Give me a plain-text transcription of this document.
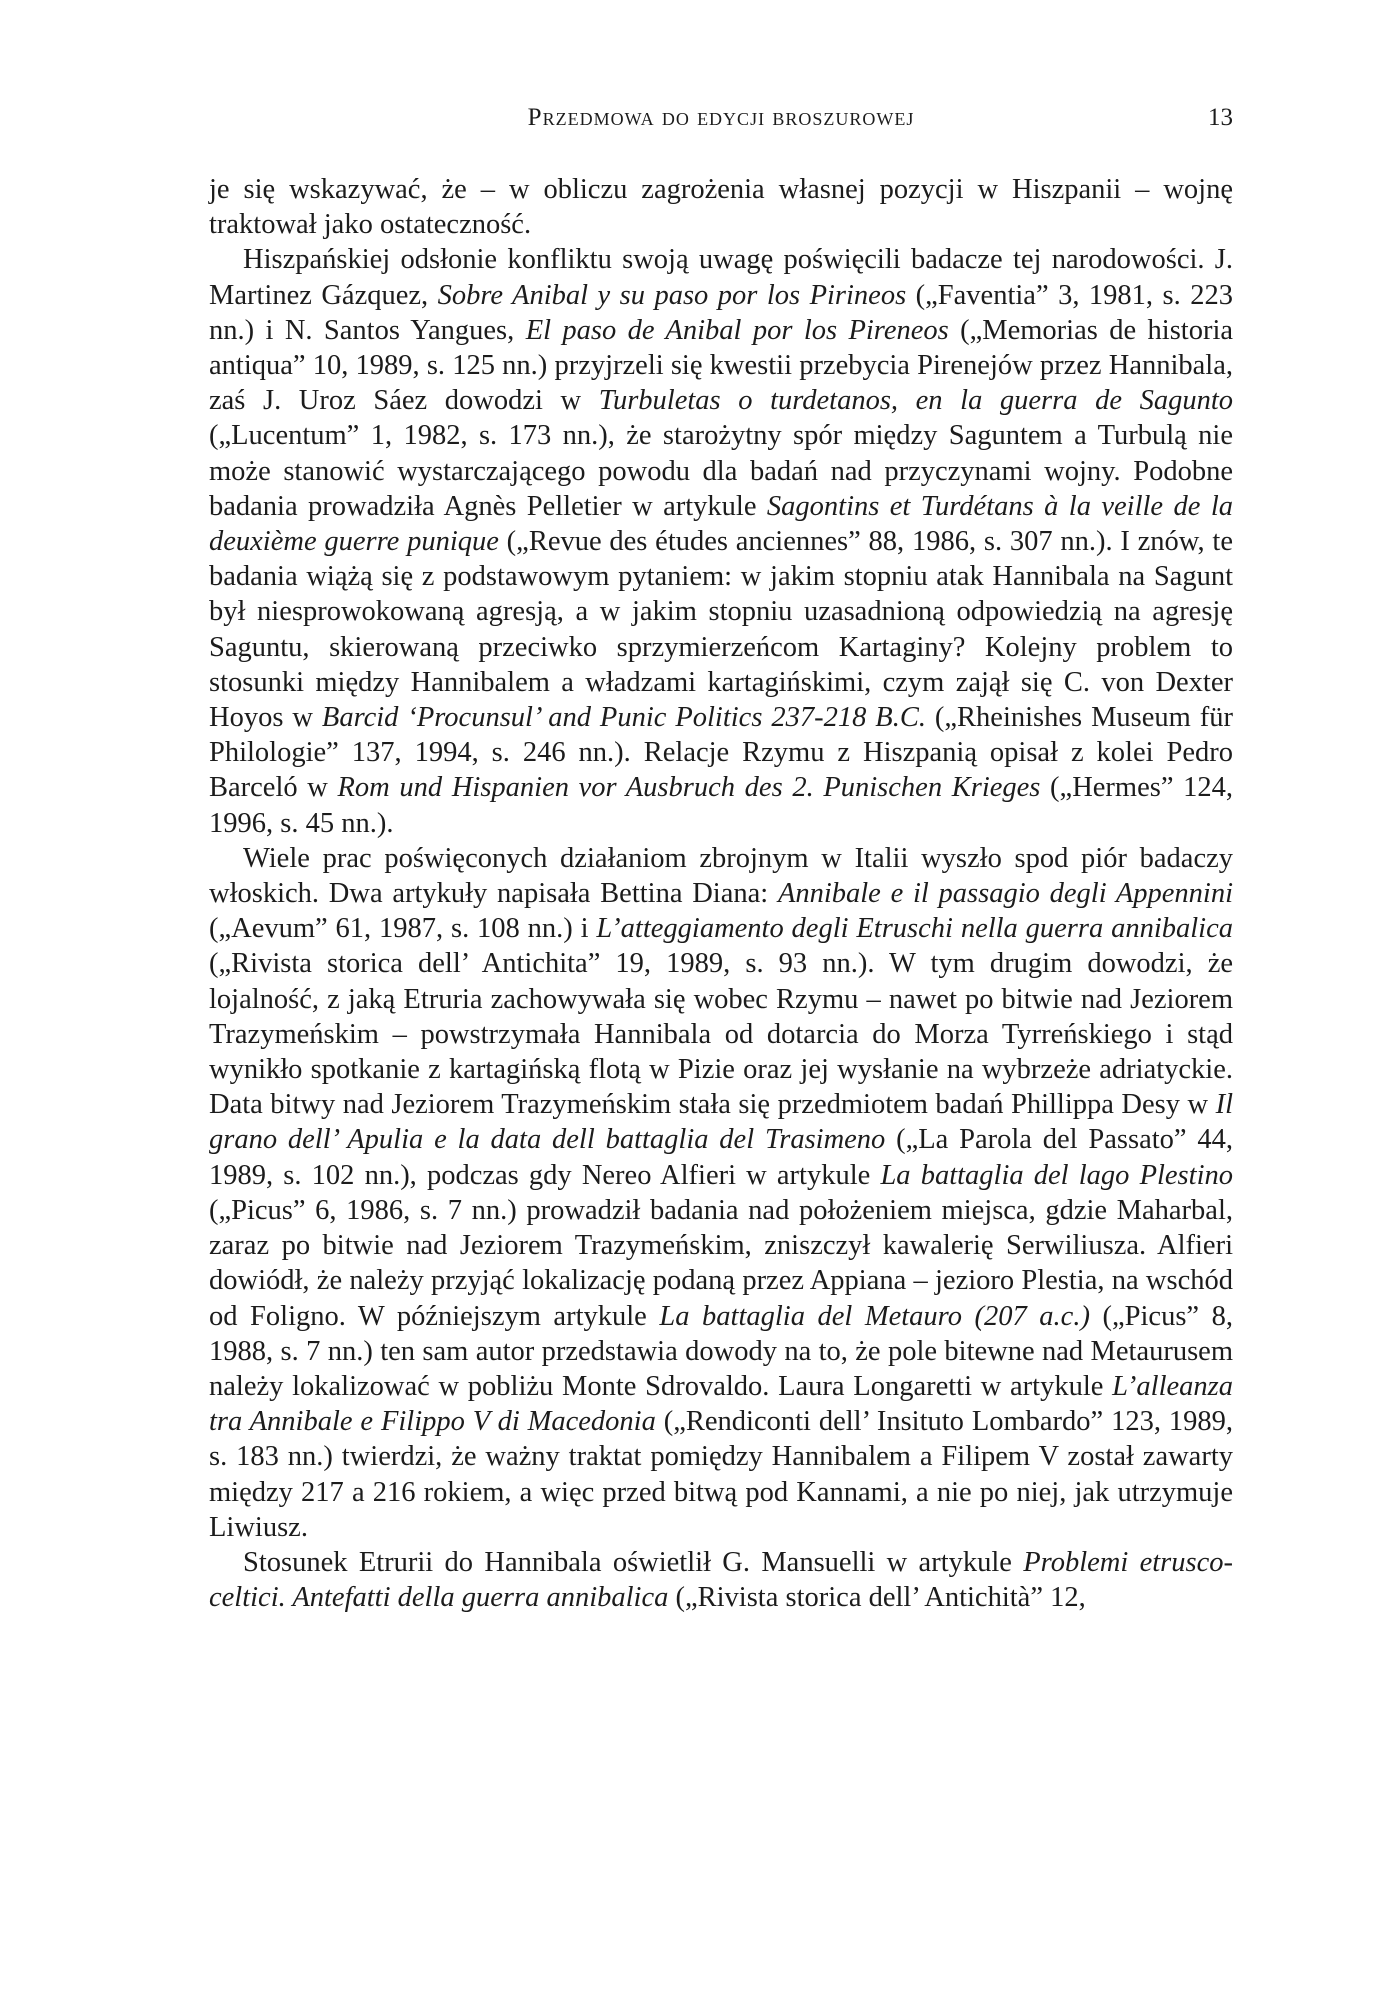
Przedmowa do edycji broszurowej	13

je się wskazywać, że – w obliczu zagrożenia własnej pozycji w Hiszpanii – wojnę traktował jako ostateczność.

Hiszpańskiej odsłonie konfliktu swoją uwagę poświęcili badacze tej narodowości. J. Martinez Gázquez, Sobre Anibal y su paso por los Pirineos („Faventia” 3, 1981, s. 223 nn.) i N. Santos Yangues, El paso de Anibal por los Pireneos („Memorias de historia antiqua” 10, 1989, s. 125 nn.) przyjrzeli się kwestii przebycia Pirenejów przez Hannibala, zaś J. Uroz Sáez dowodzi w Turbuletas o turdetanos, en la guerra de Sagunto („Lucentum” 1, 1982, s. 173 nn.), że starożytny spór między Saguntem a Turbulą nie może stanowić wystarczającego powodu dla badań nad przyczynami wojny. Podobne badania prowadziła Agnès Pelletier w artykule Sagontins et Turdétans à la veille de la deuxième guerre punique („Revue des études anciennes” 88, 1986, s. 307 nn.). I znów, te badania wiążą się z podstawowym pytaniem: w jakim stopniu atak Hannibala na Sagunt był niesprowokowaną agresją, a w jakim stopniu uzasadnioną odpowiedzią na agresję Saguntu, skierowaną przeciwko sprzymierzeńcom Kartaginy? Kolejny problem to stosunki między Hannibalem a władzami kartagińskimi, czym zajął się C. von Dexter Hoyos w Barcid ‘Procunsul’ and Punic Politics 237-218 B.C. („Rheinishes Museum für Philologie” 137, 1994, s. 246 nn.). Relacje Rzymu z Hiszpanią opisał z kolei Pedro Barceló w Rom und Hispanien vor Ausbruch des 2. Punischen Krieges („Hermes” 124, 1996, s. 45 nn.).

Wiele prac poświęconych działaniom zbrojnym w Italii wyszło spod piór badaczy włoskich. Dwa artykuły napisała Bettina Diana: Annibale e il passagio degli Appennini („Aevum” 61, 1987, s. 108 nn.) i L’atteggiamento degli Etruschi nella guerra annibalica („Rivista storica dell’ Antichita” 19, 1989, s. 93 nn.). W tym drugim dowodzi, że lojalność, z jaką Etruria zachowywała się wobec Rzymu – nawet po bitwie nad Jeziorem Trazymeńskim – powstrzymała Hannibala od dotarcia do Morza Tyrreńskiego i stąd wynikło spotkanie z kartagińską flotą w Pizie oraz jej wysłanie na wybrzeże adriatyckie. Data bitwy nad Jeziorem Trazymeńskim stała się przedmiotem badań Phillippa Desy w Il grano dell’ Apulia e la data dell battaglia del Trasimeno („La Parola del Passato” 44, 1989, s. 102 nn.), podczas gdy Nereo Alfieri w artykule La battaglia del lago Plestino („Picus” 6, 1986, s. 7 nn.) prowadził badania nad położeniem miejsca, gdzie Maharbal, zaraz po bitwie nad Jeziorem Trazymeńskim, zniszczył kawalerię Serwiliusza. Alfieri dowiódł, że należy przyjąć lokalizację podaną przez Appiana – jezioro Plestia, na wschód od Foligno. W późniejszym artykule La battaglia del Metauro (207 a.c.) („Picus” 8, 1988, s. 7 nn.) ten sam autor przedstawia dowody na to, że pole bitewne nad Metaurusem należy lokalizować w pobliżu Monte Sdrovaldo. Laura Longaretti w artykule L’alleanza tra Annibale e Filippo V di Macedonia („Rendiconti dell’ Insituto Lombardo” 123, 1989, s. 183 nn.) twierdzi, że ważny traktat pomiędzy Hannibalem a Filipem V został zawarty między 217 a 216 rokiem, a więc przed bitwą pod Kannami, a nie po niej, jak utrzymuje Liwiusz.

Stosunek Etrurii do Hannibala oświetlił G. Mansuelli w artykule Problemi etrusco-celtici. Antefatti della guerra annibalica („Rivista storica dell’ Antichità” 12,
